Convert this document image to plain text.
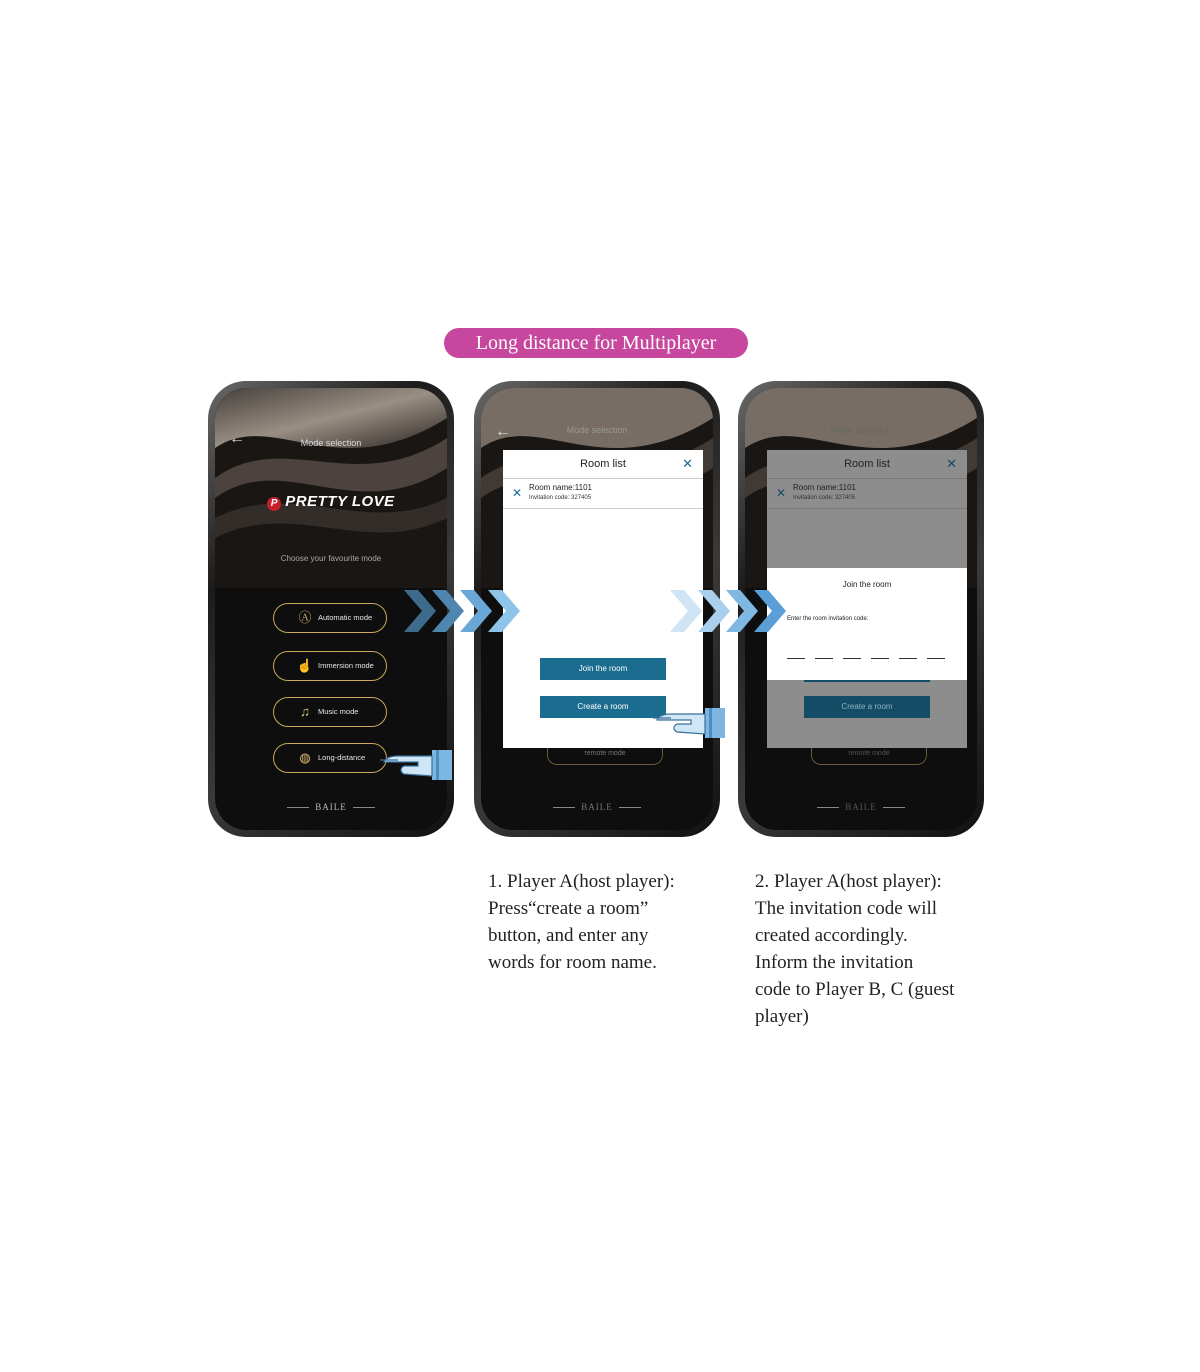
Long distance for Multiplayer
←	Mode selection
P PRETTY LOVE
Choose your favourite mode
Ⓐ Automatic mode
☝ Immersion mode
♫	Music mode
◍ Long-distance
BAILE
←	Mode selection
remote mode
Room list	✕
✕ Room name:1101
Invitation code: 327405
Join the room
Create a room
BAILE
←	Mode selection
remote mode
Room list	✕
✕ Room name:1101
Invitation code: 327405
Create a room
Join the room
Enter the room invitation code:
BAILE
1. Player A(host player):
Press“create a room”
button, and enter any
words for room name.
2. Player A(host player):
The invitation code will
created accordingly.
Inform the invitation
code to Player B, C (guest
player)
